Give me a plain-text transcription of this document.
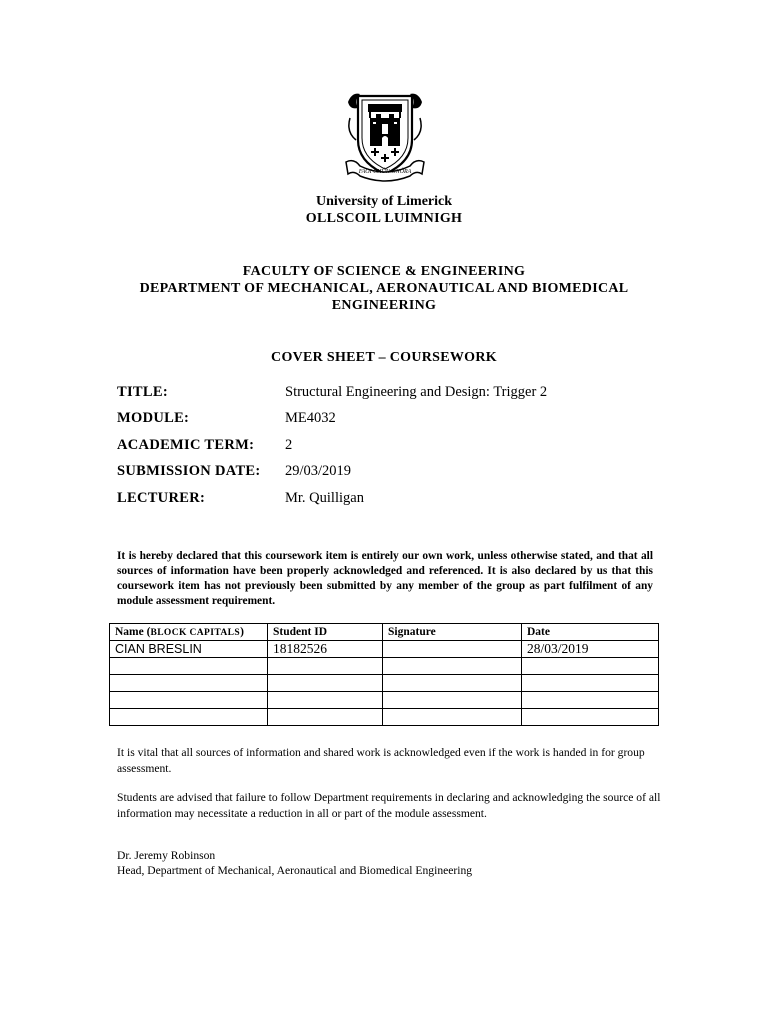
FAOI·CHÚN·ONÓRA
University of Limerick
OLLSCOIL LUIMNIGH
FACULTY OF SCIENCE & ENGINEERING
DEPARTMENT OF MECHANICAL, AERONAUTICAL AND BIOMEDICAL
ENGINEERING
COVER SHEET – COURSEWORK
TITLE:	Structural Engineering and Design: Trigger 2
MODULE:	ME4032
ACADEMIC TERM: 2
SUBMISSION DATE: 29/03/2019
LECTURER:	Mr. Quilligan
It is hereby declared that this coursework item is entirely our own work, unless otherwise stated, and that all sources of information have been properly acknowledged and referenced. It is also declared by us that this coursework item has not previously been submitted by any member of the group as part fulfilment of any module assessment requirement.
Name (BLOCK CAPITALS)	Student ID	Signature	Date
CIAN BRESLIN	18182526		28/03/2019

It is vital that all sources of information and shared work is acknowledged even if the work is handed in for group assessment.
Students are advised that failure to follow Department requirements in declaring and acknowledging the source of all information may necessitate a reduction in all or part of the module assessment.
Dr. Jeremy Robinson
Head, Department of Mechanical, Aeronautical and Biomedical Engineering
